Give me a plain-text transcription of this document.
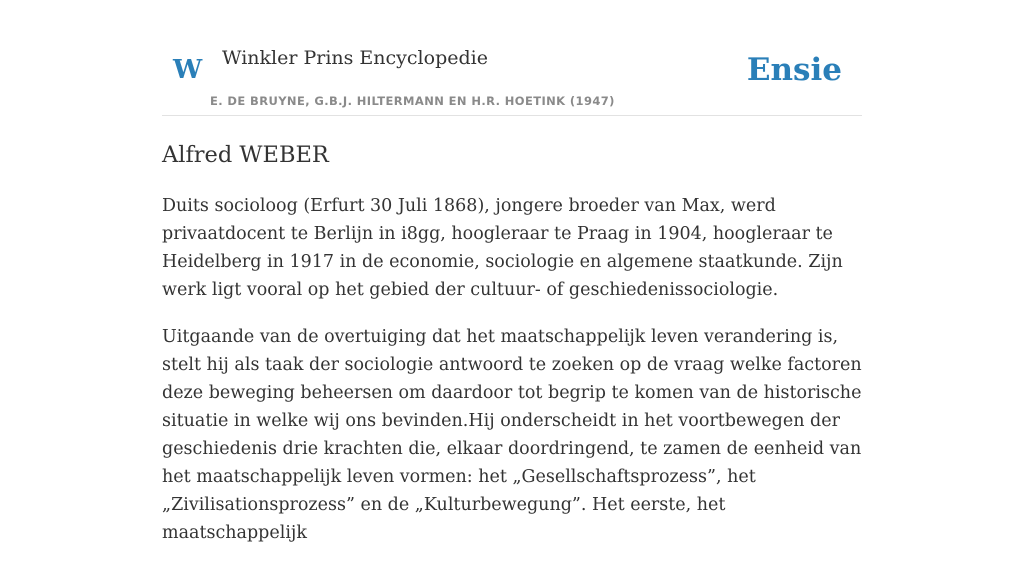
W Winkler Prins Encyclopedie
E. DE BRUYNE, G.B.J. HILTERMANN EN H.R. HOETINK (1947)
Ensie
Alfred WEBER

Duits socioloog (Erfurt 30 Juli 1868), jongere broeder van Max, werd privaatdocent te Berlijn in i8gg, hoogleraar te Praag in 1904, hoogleraar te Heidelberg in 1917 in de economie, sociologie en algemene staatkunde. Zijn werk ligt vooral op het gebied der cultuur- of geschiedenissociologie.

Uitgaande van de overtuiging dat het maatschappelijk leven verandering is, stelt hij als taak der sociologie antwoord te zoeken op de vraag welke factoren deze beweging beheersen om daardoor tot begrip te komen van de historische situatie in welke wij ons bevinden.Hij onderscheidt in het voortbewegen der geschiedenis drie krachten die, elkaar doordringend, te zamen de eenheid van het maatschappelijk leven vormen: het „Gesellschaftsprozess”, het „Zivilisationsprozess” en de „Kulturbewegung”. Het eerste, het maatschappelijk
